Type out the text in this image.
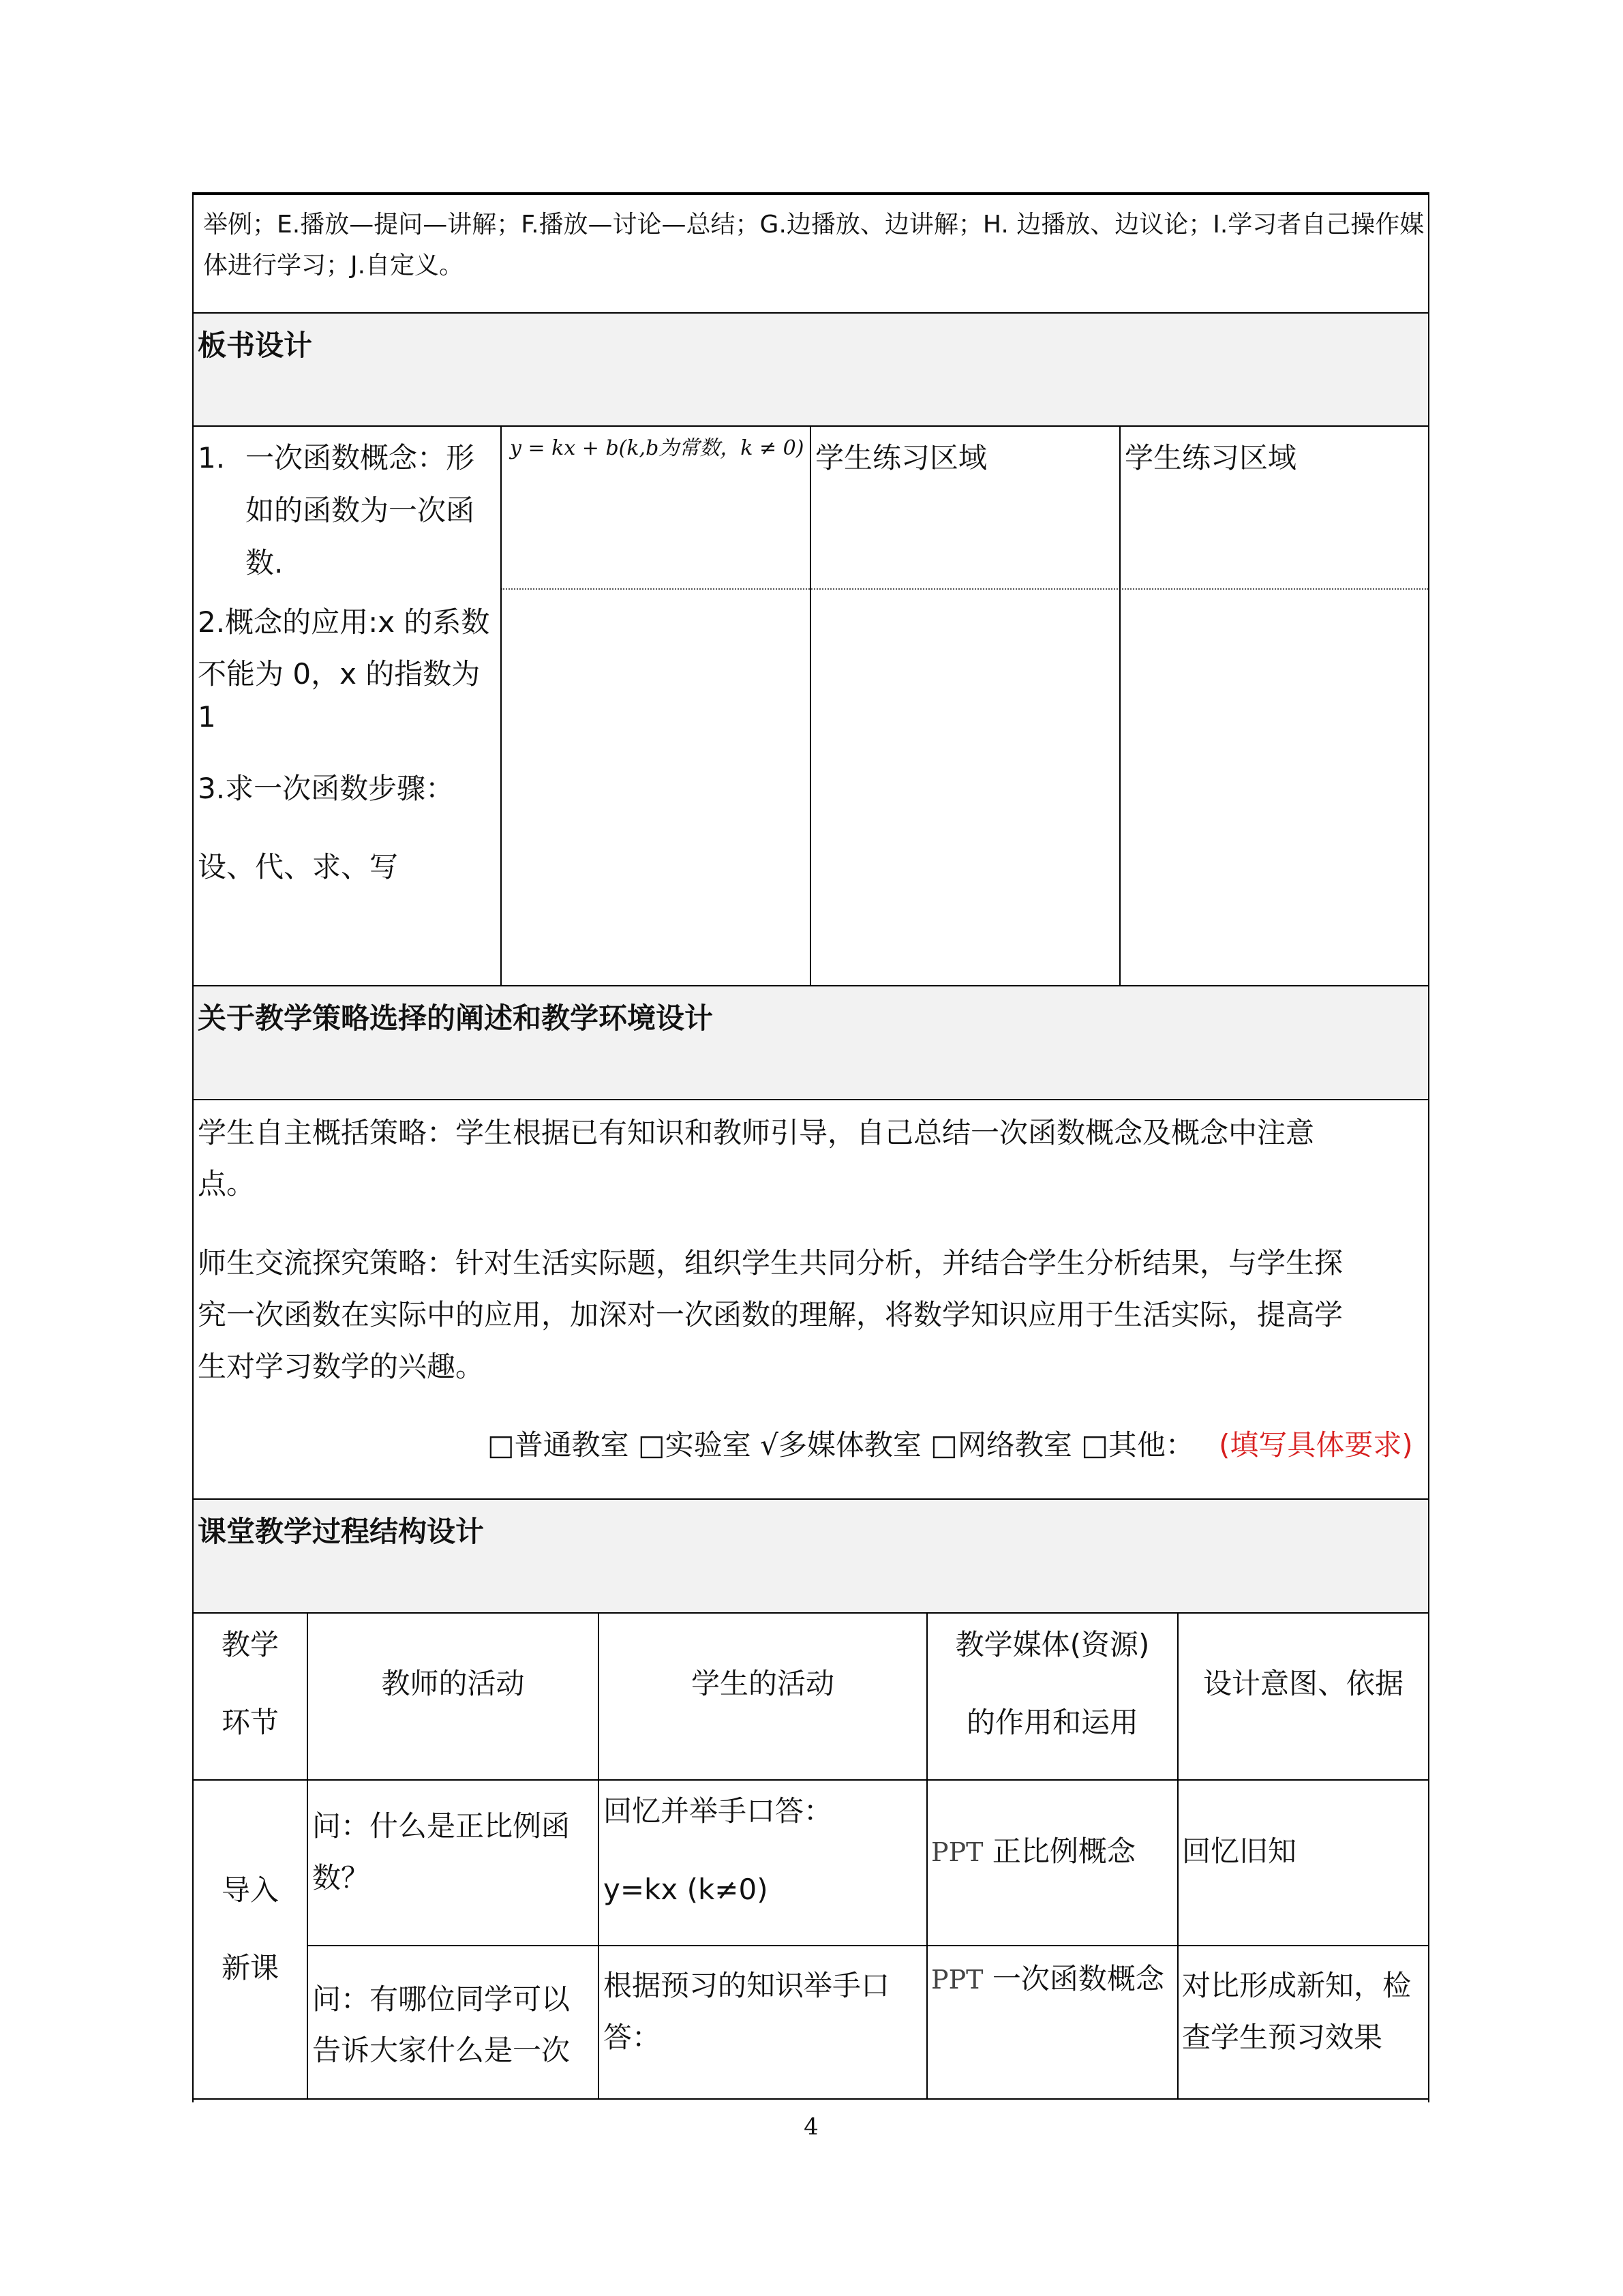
举例；E.播放—提问—讲解；F.播放—讨论—总结；G.边播放、边讲解；H. 边播放、边议论；I.学习者自己操作媒
体进行学习；J.自定义。
板书设计
1. 一次函数概念：形
如的函数为一次函
数.
y = kx + b(k,b为常数，k ≠ 0) 学生练习区域	学生练习区域
2.概念的应用:x 的系数
不能为 0，x 的指数为
1
3.求一次函数步骤：
设、代、求、写
关于教学策略选择的阐述和教学环境设计
学生自主概括策略：学生根据已有知识和教师引导，自己总结一次函数概念及概念中注意
点。
师生交流探究策略：针对生活实际题，组织学生共同分析，并结合学生分析结果，与学生探
究一次函数在实际中的应用，加深对一次函数的理解，将数学知识应用于生活实际，提高学
生对学习数学的兴趣。
□普通教室 □实验室 √多媒体教室 □网络教室 □其他： (填写具体要求)
课堂教学过程结构设计
教学
环节
教师的活动	学生的活动
教学媒体(资源)
的作用和运用
设计意图、依据
导入
新课
问：什么是正比例函
数？
回忆并举手口答：
y=kx (k≠0)
PPT 正比例概念 回忆旧知
问：有哪位同学可以
告诉大家什么是一次
根据预习的知识举手口
答：
PPT 一次函数概念 对比形成新知，检
查学生预习效果
4
